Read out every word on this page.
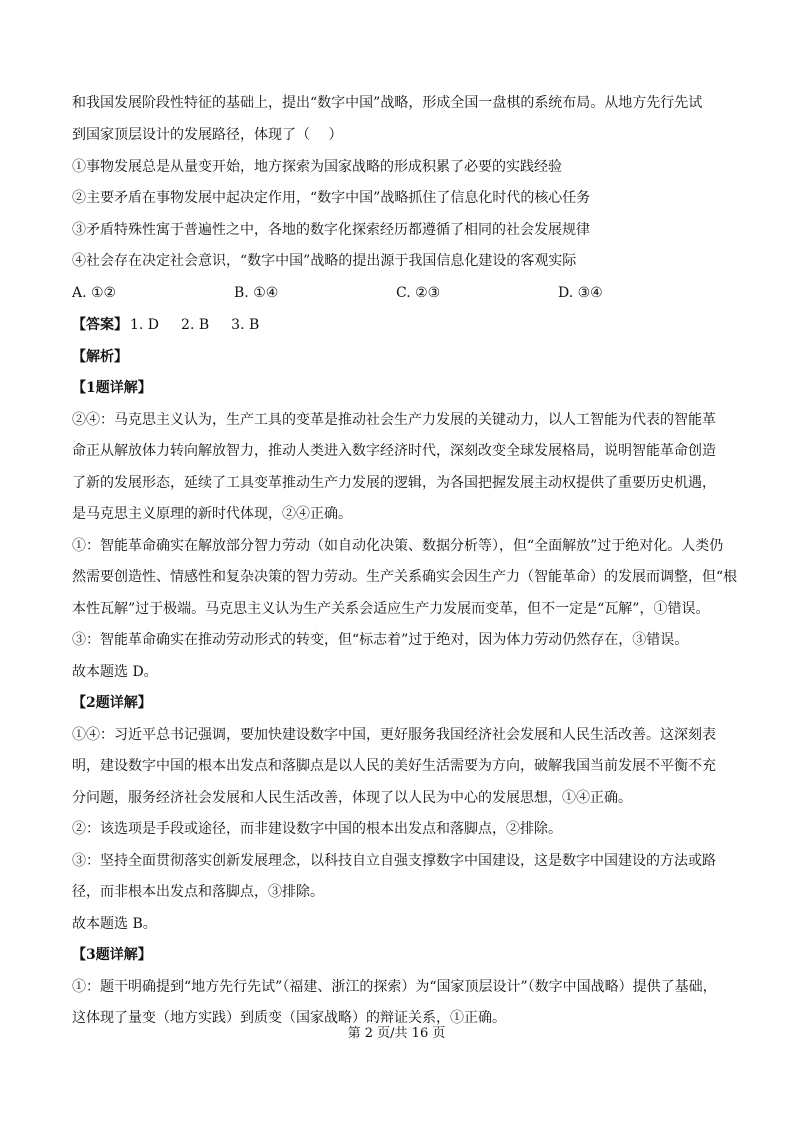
和我国发展阶段性特征的基础上，提出“数字中国”战略，形成全国一盘棋的系统布局。从地方先行先试
到国家顶层设计的发展路径，体现了（　 ）
①事物发展总是从量变开始，地方探索为国家战略的形成积累了必要的实践经验
②主要矛盾在事物发展中起决定作用，“数字中国”战略抓住了信息化时代的核心任务
③矛盾特殊性寓于普遍性之中，各地的数字化探索经历都遵循了相同的社会发展规律
④社会存在决定社会意识，“数字中国”战略的提出源于我国信息化建设的客观实际
A. ①②	B. ①④	C. ②③	D. ③④
【答案】 1. D 2. B 3. B
【解析】
【1题详解】
②④：马克思主义认为，生产工具的变革是推动社会生产力发展的关键动力，以人工智能为代表的智能革
命正从解放体力转向解放智力，推动人类进入数字经济时代，深刻改变全球发展格局，说明智能革命创造
了新的发展形态，延续了工具变革推动生产力发展的逻辑，为各国把握发展主动权提供了重要历史机遇，
是马克思主义原理的新时代体现，②④正确。
①：智能革命确实在解放部分智力劳动（如自动化决策、数据分析等），但“全面解放”过于绝对化。人类仍
然需要创造性、情感性和复杂决策的智力劳动。生产关系确实会因生产力（智能革命）的发展而调整，但“根
本性瓦解”过于极端。马克思主义认为生产关系会适应生产力发展而变革，但不一定是“瓦解”，①错误。
③：智能革命确实在推动劳动形式的转变，但“标志着”过于绝对，因为体力劳动仍然存在，③错误。
故本题选 D。
【2题详解】
①④：习近平总书记强调，要加快建设数字中国，更好服务我国经济社会发展和人民生活改善。这深刻表
明，建设数字中国的根本出发点和落脚点是以人民的美好生活需要为方向，破解我国当前发展不平衡不充
分问题，服务经济社会发展和人民生活改善，体现了以人民为中心的发展思想，①④正确。
②：该选项是手段或途径，而非建设数字中国的根本出发点和落脚点，②排除。
③：坚持全面贯彻落实创新发展理念，以科技自立自强支撑数字中国建设，这是数字中国建设的方法或路
径，而非根本出发点和落脚点，③排除。
故本题选 B。
【3题详解】
①：题干明确提到“地方先行先试”（福建、浙江的探索）为“国家顶层设计”（数字中国战略）提供了基础，
这体现了量变（地方实践）到质变（国家战略）的辩证关系，①正确。
第 2 页/共 16 页
